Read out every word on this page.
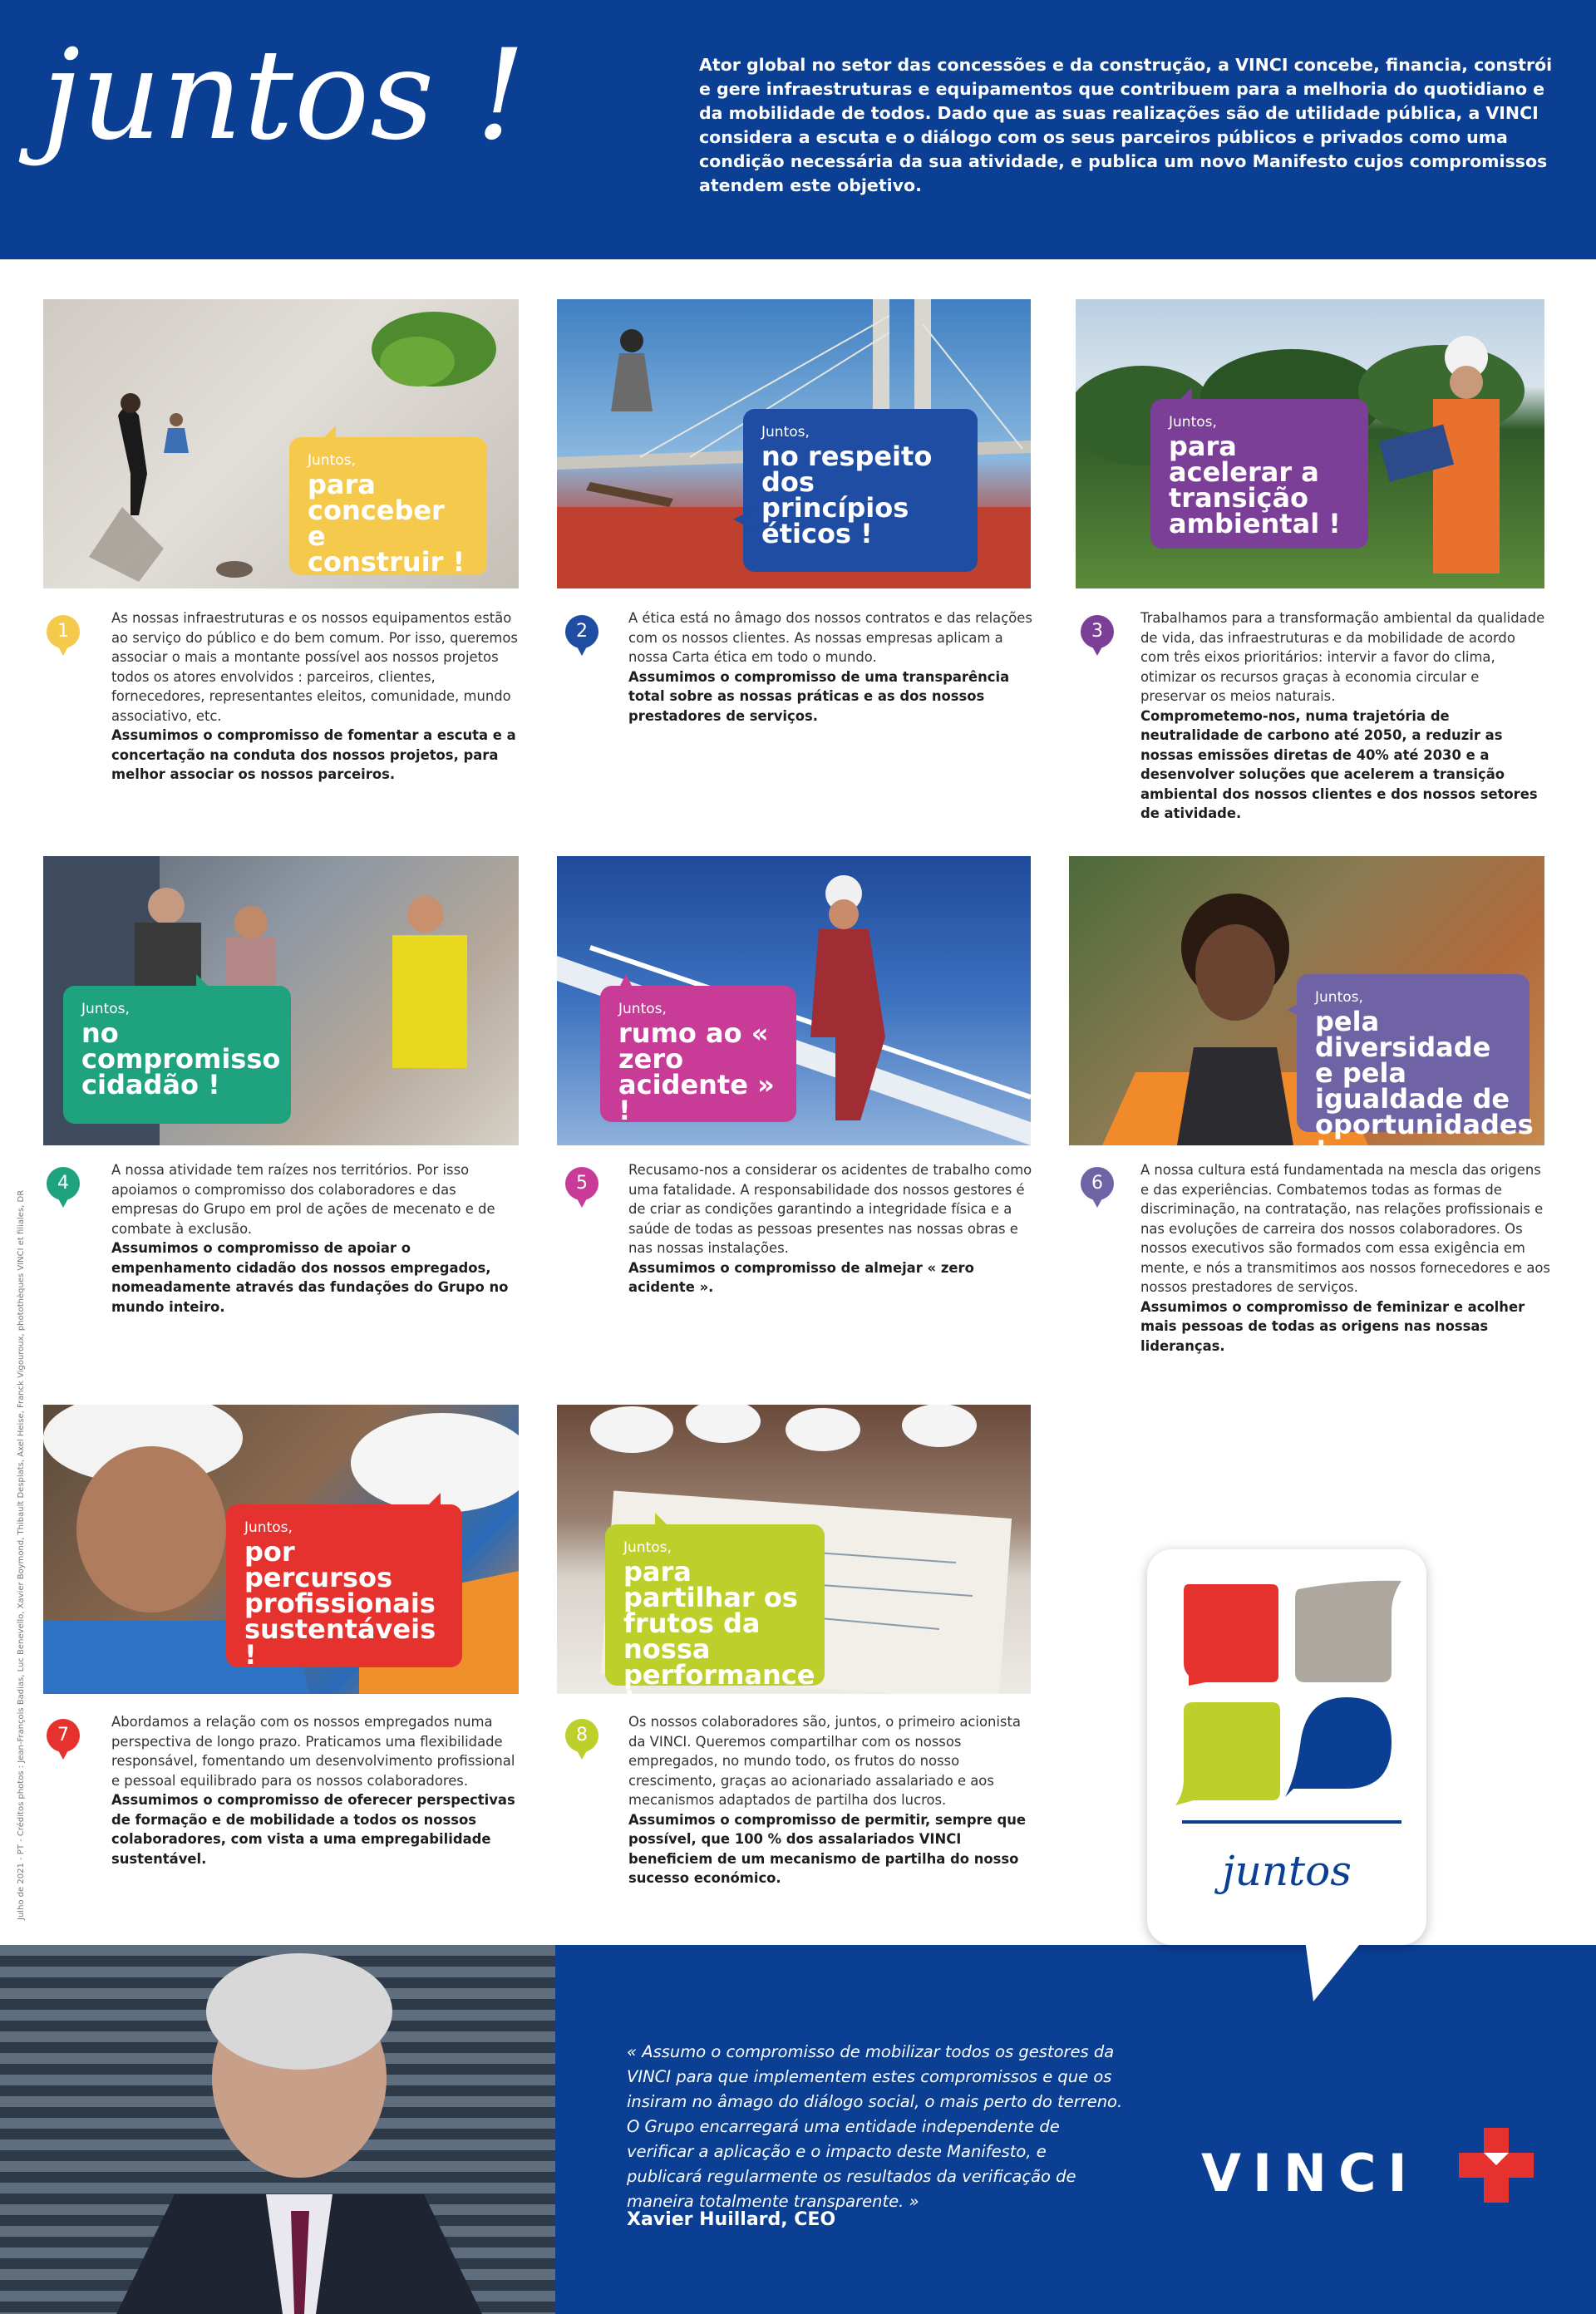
juntos !	Ator global no setor das concessões e da construção, a VINCI concebe, financia, constrói e gere infraestruturas e equipamentos que contribuem para a melhoria do quotidiano e da mobilidade de todos. Dado que as suas realizações são de utilidade pública, a VINCI considera a escuta e o diálogo com os seus parceiros públicos e privados como uma condição necessária da sua atividade, e publica um novo Manifesto cujos compromissos atendem este objetivo.
Juntos,
para conceber e construir !
1
As nossas infraestruturas e os nossos equipamentos estão ao serviço do público e do bem comum. Por isso, queremos associar o mais a montante possível aos nossos projetos todos os atores envolvidos : parceiros, clientes, fornecedores, representantes eleitos, comunidade, mundo associativo, etc.
Assumimos o compromisso de fomentar a escuta e a concertação na conduta dos nossos projetos, para melhor associar os nossos parceiros.
Juntos,
no respeito dos princípios éticos !
2
A ética está no âmago dos nossos contratos e das relações com os nossos clientes. As nossas empresas aplicam a nossa Carta ética em todo o mundo.
Assumimos o compromisso de uma transparência total sobre as nossas práticas e as dos nossos prestadores de serviços.
Juntos,
para acelerar a transição ambiental !
3
Trabalhamos para a transformação ambiental da qualidade de vida, das infraestruturas e da mobilidade de acordo com três eixos prioritários: intervir a favor do clima, otimizar os recursos graças à economia circular e preservar os meios naturais.
Comprometemo-nos, numa trajetória de neutralidade de carbono até 2050, a reduzir as nossas emissões diretas de 40% até 2030 e a desenvolver soluções que acelerem a transição ambiental dos nossos clientes e dos nossos setores de atividade.
Juntos,
no compromisso cidadão !
4
A nossa atividade tem raízes nos territórios. Por isso apoiamos o compromisso dos colaboradores e das empresas do Grupo em prol de ações de mecenato e de combate à exclusão.
Assumimos o compromisso de apoiar o empenhamento cidadão dos nossos empregados, nomeadamente através das fundações do Grupo no mundo inteiro.
Juntos,
rumo ao « zero acidente » !
5
Recusamo-nos a considerar os acidentes de trabalho como uma fatalidade. A responsabilidade dos nossos gestores é de criar as condições garantindo a integridade física e a saúde de todas as pessoas presentes nas nossas obras e nas nossas instalações.
Assumimos o compromisso de almejar « zero acidente ».
Juntos,
pela diversidade e pela igualdade de oportunidades !
6
A nossa cultura está fundamentada na mescla das origens e das experiências. Combatemos todas as formas de discriminação, na contratação, nas relações profissionais e nas evoluções de carreira dos nossos colaboradores. Os nossos executivos são formados com essa exigência em mente, e nós a transmitimos aos nossos fornecedores e aos nossos prestadores de serviços.
Assumimos o compromisso de feminizar e acolher mais pessoas de todas as origens nas nossas lideranças.
Juntos,
por percursos profissionais sustentáveis !
7
Abordamos a relação com os nossos empregados numa perspectiva de longo prazo. Praticamos uma flexibilidade responsável, fomentando um desenvolvimento profissional e pessoal equilibrado para os nossos colaboradores.
Assumimos o compromisso de oferecer perspectivas de formação e de mobilidade a todos os nossos colaboradores, com vista a uma empregabilidade sustentável.
Juntos,
para partilhar os frutos da nossa performance !
8
Os nossos colaboradores são, juntos, o primeiro acionista da VINCI. Queremos compartilhar com os nossos empregados, no mundo todo, os frutos do nosso crescimento, graças ao acionariado assalariado e aos mecanismos adaptados de partilha dos lucros.
Assumimos o compromisso de permitir, sempre que possível, que 100 % dos assalariados VINCI beneficiem de um mecanismo de partilha do nosso sucesso económico.
Julho de 2021 - PT - Créditos photos : Jean-François Badias, Luc Benevello, Xavier Boymond, Thibault Desplats, Axel Heise, Franck Vigouroux, photothèques VINCI et filiales, DR
« Assumo o compromisso de mobilizar todos os gestores da VINCI para que implementem estes compromissos e que os insiram no âmago do diálogo social, o mais perto do terreno. O Grupo encarregará uma entidade independente de verificar a aplicação e o impacto deste Manifesto, e publicará regularmente os resultados da verificação de maneira totalmente transparente. »
Xavier Huillard, CEO
VINCI
juntos
